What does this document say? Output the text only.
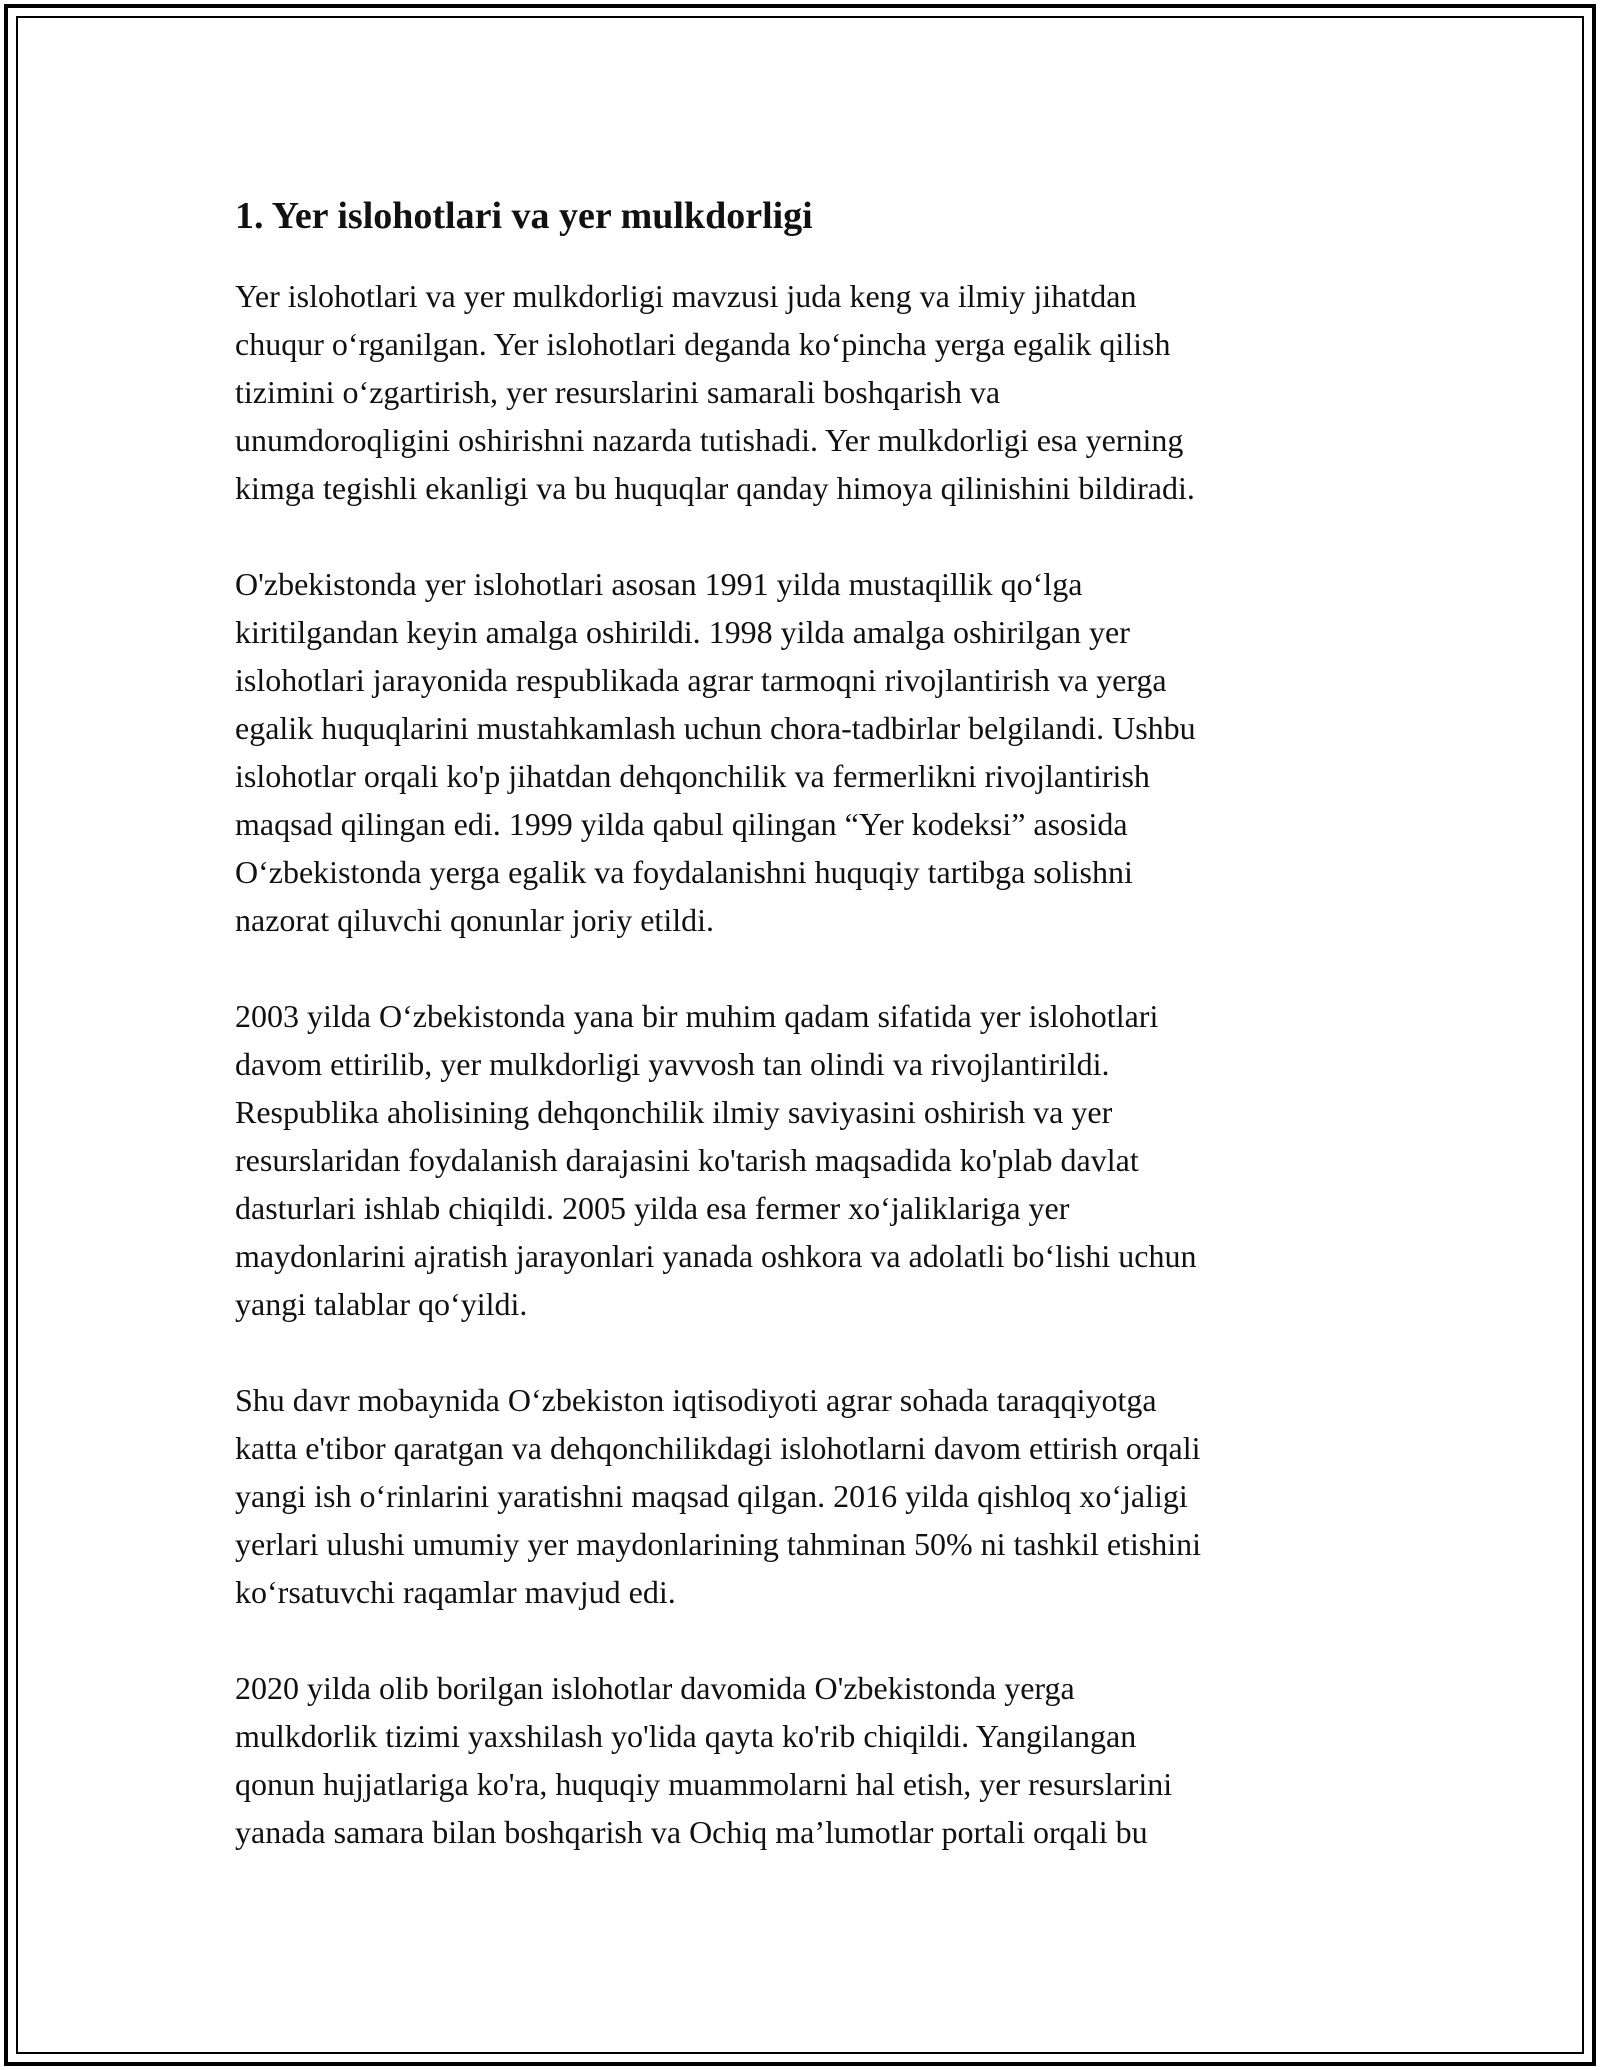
1. Yer islohotlari va yer mulkdorligi

Yer islohotlari va yer mulkdorligi mavzusi juda keng va ilmiy jihatdan
chuqur oʻrganilgan. Yer islohotlari deganda koʻpincha yerga egalik qilish
tizimini oʻzgartirish, yer resurslarini samarali boshqarish va
unumdoroqligini oshirishni nazarda tutishadi. Yer mulkdorligi esa yerning
kimga tegishli ekanligi va bu huquqlar qanday himoya qilinishini bildiradi.

O'zbekistonda yer islohotlari asosan 1991 yilda mustaqillik qoʻlga
kiritilgandan keyin amalga oshirildi. 1998 yilda amalga oshirilgan yer
islohotlari jarayonida respublikada agrar tarmoqni rivojlantirish va yerga
egalik huquqlarini mustahkamlash uchun chora-tadbirlar belgilandi. Ushbu
islohotlar orqali ko'p jihatdan dehqonchilik va fermerlikni rivojlantirish
maqsad qilingan edi. 1999 yilda qabul qilingan “Yer kodeksi” asosida
Oʻzbekistonda yerga egalik va foydalanishni huquqiy tartibga solishni
nazorat qiluvchi qonunlar joriy etildi.

2003 yilda Oʻzbekistonda yana bir muhim qadam sifatida yer islohotlari
davom ettirilib, yer mulkdorligi yavvosh tan olindi va rivojlantirildi.
Respublika aholisining dehqonchilik ilmiy saviyasini oshirish va yer
resurslaridan foydalanish darajasini ko'tarish maqsadida ko'plab davlat
dasturlari ishlab chiqildi. 2005 yilda esa fermer xoʻjaliklariga yer
maydonlarini ajratish jarayonlari yanada oshkora va adolatli boʻlishi uchun
yangi talablar qoʻyildi.

Shu davr mobaynida Oʻzbekiston iqtisodiyoti agrar sohada taraqqiyotga
katta e'tibor qaratgan va dehqonchilikdagi islohotlarni davom ettirish orqali
yangi ish oʻrinlarini yaratishni maqsad qilgan. 2016 yilda qishloq xoʻjaligi
yerlari ulushi umumiy yer maydonlarining tahminan 50% ni tashkil etishini
koʻrsatuvchi raqamlar mavjud edi.

2020 yilda olib borilgan islohotlar davomida O'zbekistonda yerga
mulkdorlik tizimi yaxshilash yo'lida qayta ko'rib chiqildi. Yangilangan
qonun hujjatlariga ko'ra, huquqiy muammolarni hal etish, yer resurslarini
yanada samara bilan boshqarish va Ochiq maʼlumotlar portali orqali bu
